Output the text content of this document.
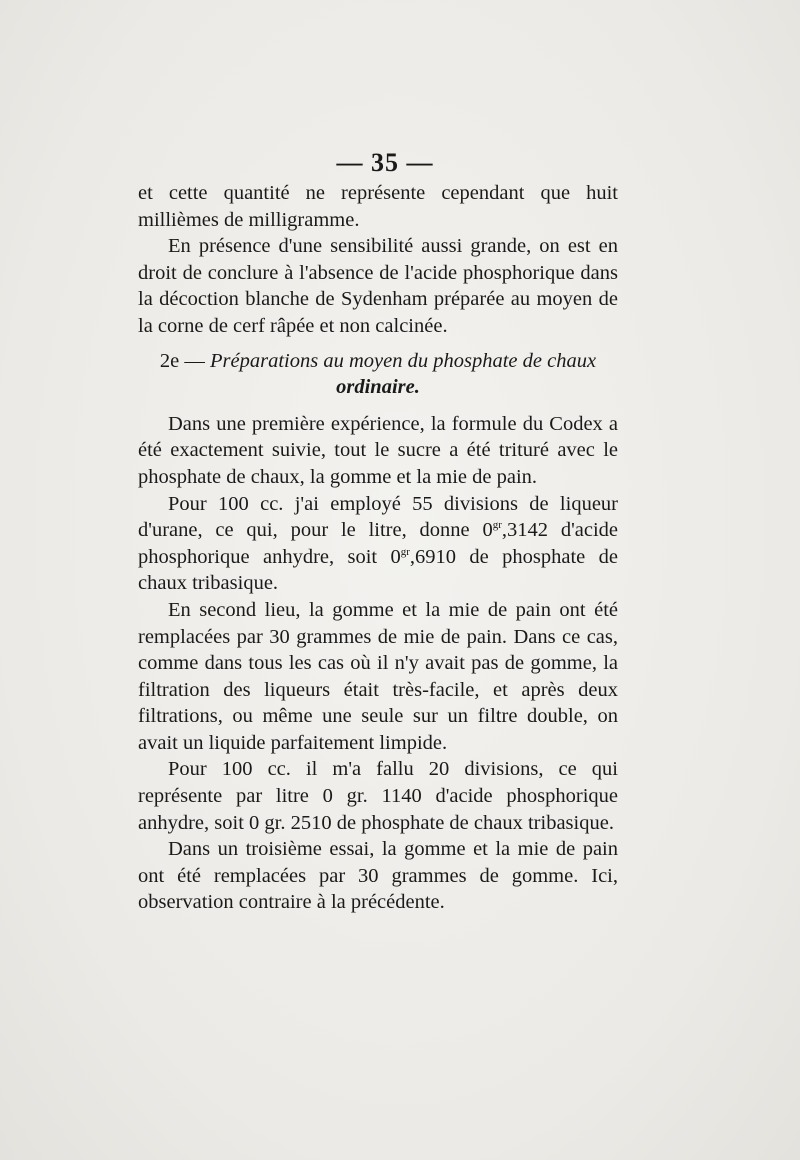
— 35 —

et cette quantité ne représente cependant que huit millièmes de milligramme.

En présence d'une sensibilité aussi grande, on est en droit de conclure à l'absence de l'acide phosphorique dans la décoction blanche de Sydenham préparée au moyen de la corne de cerf râpée et non calcinée.

2e — Préparations au moyen du phosphate de chaux
ordinaire.

Dans une première expérience, la formule du Codex a été exactement suivie, tout le sucre a été trituré avec le phosphate de chaux, la gomme et la mie de pain.

Pour 100 cc. j'ai employé 55 divisions de liqueur d'urane, ce qui, pour le litre, donne $0^{gr},3142$ d'acide phosphorique anhydre, soit $0^{gr},6910$ de phosphate de chaux tribasique.

En second lieu, la gomme et la mie de pain ont été remplacées par 30 grammes de mie de pain. Dans ce cas, comme dans tous les cas où il n'y avait pas de gomme, la filtration des liqueurs était très-facile, et après deux filtrations, ou même une seule sur un filtre double, on avait un liquide parfaitement limpide.

Pour 100 cc. il m'a fallu 20 divisions, ce qui représente par litre 0 gr. 1140 d'acide phosphorique anhydre, soit 0 gr. 2510 de phosphate de chaux tribasique.

Dans un troisième essai, la gomme et la mie de pain ont été remplacées par 30 grammes de gomme. Ici, observation contraire à la précédente.
